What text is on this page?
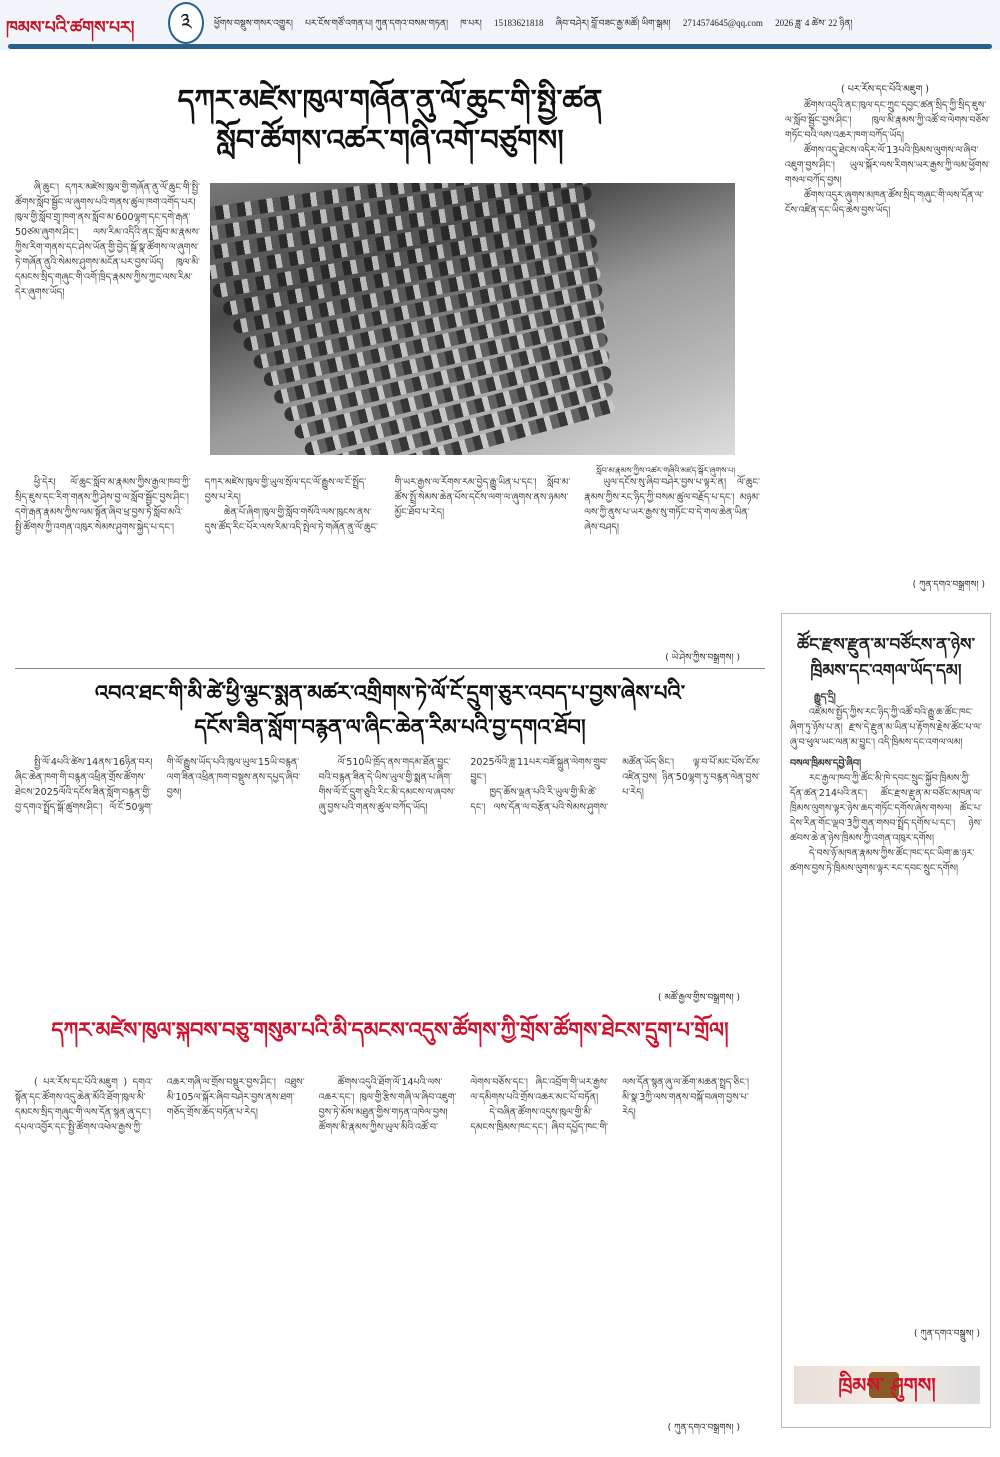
ཁམས་པའི་ཚགས་པར།	༣	ཕྱོགས་བསྡུས་གསར་འགྱུར། པར་ངོས་གཙོ་འགན་པ། ཀུན་དགའ་བསམ་གཏན། ཁ་པར། 15183621818 ཞིབ་བཤེར། བློ་བཟང་རྒྱ་མཚོ། ཡིག་སྒམ། 2714574645@qq.com 2026 ཟླ་ 4 ཚེས་ 22 ཉིན།
དཀར་མཛེས་ཁུལ་གཞོན་ནུ་ལོ་ཆུང་གི་སྤྱི་ཚན
སློབ་ཚོགས་འཚར་གཞི་འགོ་བཙུགས།

ཞི་ཆུང་། དཀར་མཛེས་ཁུལ་གྱི་གཞོན་ནུ་ལོ་ཆུང་གི་སྤྱི་ཚོགས་སློབ་སྦྱོང་ལ་ཞུགས་པའི་གནས་ཚུལ་ཁག་འགོད་པར། ཁུལ་གྱི་སློབ་གྲྭ་ཁག་ནས་སློབ་མ་600ལྷག་དང་དགེ་རྒན་50ཙམ་ཞུགས་ཤིང་། ལས་རིམ་འདིའི་ནང་སློབ་མ་རྣམས་ཀྱིས་རིག་གནས་དང་ཤེས་ཡོན་གྱི་བྱེད་སྒོ་སྣ་ཚོགས་ལ་ཞུགས་ཏེ་གཞོན་ནུའི་སེམས་ཤུགས་མངོན་པར་བྱས་ཡོད། ཁུལ་མི་དམངས་སྲིད་གཞུང་གི་འགོ་ཁྲིད་རྣམས་ཀྱིས་ཀྱང་ལས་རིམ་དེར་ཞུགས་ཡོད།

སློབ་མ་རྣམས་ཀྱིས་འཚར་གཞིའི་མཛད་སྒོར་ཞུགས་པ།

ཕྱི་དེར། ལོ་ཆུང་སློབ་མ་རྣམས་ཀྱིས་རྒྱལ་ཁབ་ཀྱི་སྲིད་ཇུས་དང་རིག་གནས་ཀྱི་ཤེས་བྱ་ལ་སློབ་སྦྱོང་བྱས་ཤིང་། དགེ་རྒན་རྣམས་ཀྱིས་ལམ་སྟོན་ཞིབ་ཕྲ་བྱས་ཏེ་སློབ་མའི་སྤྱི་ཚོགས་ཀྱི་འགན་འཁུར་སེམས་ཤུགས་སྐྱེད་པ་དང་། དཀར་མཛེས་ཁུལ་གྱི་ཡུལ་སྲོལ་དང་ལོ་རྒྱུས་ལ་ངོ་སྤྲོད་བྱས་པ་རེད།

ཆེན་པོ་ཞིག་ཁུལ་གྱི་སློབ་གསོའི་ལས་ཁུངས་ནས་དུས་ཚོད་རིང་པོར་ལས་རིམ་འདི་སྤེལ་ཏེ་གཞོན་ནུ་ལོ་ཆུང་གི་ཡར་རྒྱས་ལ་རོགས་རམ་བྱེད་རྒྱུ་ཡིན་པ་དང་། སློབ་མ་ཚོས་སྤྲོ་སེམས་ཆེན་པོས་དངོས་ལག་ལ་ཞུགས་ནས་ཉམས་མྱོང་ཐོབ་པ་རེད།

ཡུལ་དངོས་སུ་ཞིབ་བཤེར་བྱས་པ་ལྟར་ན། ལོ་ཆུང་རྣམས་ཀྱིས་རང་ཉིད་ཀྱི་བསམ་ཚུལ་བརྗོད་པ་དང་། མཉམ་ལས་ཀྱི་ནུས་པ་ཡར་རྒྱས་སུ་གཏོང་བ་དེ་གལ་ཆེན་ཡིན་ཞེས་བཤད།

( ཡེ་ཤེས་ཀྱིས་བསྒྲགས། )
འབའ་ཐང་གི་མི་ཚེ་ཕྱི་ལྕང་སྨན་མཚར་འགྲིགས་ཏེ་ལོ་ངོ་དྲུག་ཅུར་འབད་པ་བྱས་ཞེས་པའི་
དངོས་ཟིན་སློག་བརྙན་ལ་ཞིང་ཆེན་རིམ་པའི་བྱ་དགའ་ཐོབ།

སྤྱི་ལོ་4པའི་ཚེས་14ནས་16ཉིན་བར། ཞིང་ཆེན་ཁག་གི་བརྙན་འཕྲིན་གྲོས་ཚོགས་ཐེངས་2025ལོའི་དངོས་ཟིན་སློག་བརྙན་གྱི་བྱ་དགའ་སྤྲོད་སྒོ་ཚུགས་ཤིང་། ལོ་ངོ་50ལྷག་གི་ལོ་རྒྱུས་ཡོད་པའི་ཁུལ་ཡུལ་15ཡི་བརྙན་ལག་ཟིན་འཕྲིན་ཁག་བསྡུས་ནས་དཔྱད་ཞིབ་བྱས།

ལོ་510ཡི་ཁྲོད་ནས་གདམ་ཐོན་བྱུང་བའི་བརྙན་ཟིན་དེ་ཡིས་ཡུལ་གྱི་སྨན་པ་ཞིག་གིས་ལོ་ངོ་དྲུག་ཅུའི་རིང་མི་དམངས་ལ་ཞབས་ཞུ་བྱས་པའི་གནས་ཚུལ་བཀོད་ཡོད། 2025ལོའི་ཟླ་11པར་བཟོ་སྐྲུན་ལེགས་གྲུབ་བྱུང་།

ཁྱད་ཆོས་ལྡན་པའི་རི་ཡུལ་གྱི་མི་ཚེ་དང་། ལས་དོན་ལ་བརྩོན་པའི་སེམས་ཤུགས་མཚོན་ཡོད་ཅིང་། ལྟ་བ་པོ་མང་པོས་ངོས་འཛིན་བྱས། ཉིན་50ལྷག་ཏུ་བརྙན་ལེན་བྱས་པ་རེད།

( མཚོ་རྒྱལ་གྱིས་བསྒྲགས། )
དཀར་མཛེས་ཁུལ་སྐབས་བཅུ་གསུམ་པའི་མི་དམངས་འདུས་ཚོགས་ཀྱི་གྲོས་ཚོགས་ཐེངས་དྲུག་པ་གྲོལ།

( པར་ཪོས་དང་པོའི་མཇུག ) དགའ་སྟོན་དང་ཚོགས་འདུ་ཆེན་མོའི་ཐོག་ཁུལ་མི་དམངས་སྲིད་གཞུང་གི་ལས་དོན་སྙན་ཞུ་དང་། དཔལ་འབྱོར་དང་སྤྱི་ཚོགས་འཕེལ་རྒྱས་ཀྱི་འཆར་གཞི་ལ་གྲོས་བསྡུར་བྱས་ཤིང་། འཐུས་མི་105ལ་སྐོར་ཞིབ་བཤེར་བྱས་ནས་ཐག་གཅོད་གྲོས་ཆོད་བཏོན་པ་རེད།

ཚོགས་འདུའི་ཐོག་ལོ་14པའི་ལས་འཆར་དང་། ཁུལ་གྱི་རྩིས་གཞི་ལ་ཞིབ་འཇུག་བྱས་ཏེ་མོས་མཐུན་གྱིས་གཏན་འཁེལ་བྱས། ཚོགས་མི་རྣམས་ཀྱིས་ཡུལ་མིའི་འཚོ་བ་ལེགས་བཅོས་དང་། ཞིང་འབྲོག་གི་ཡར་རྒྱས་ལ་དམིགས་པའི་གྲོས་འཆར་མང་པོ་བཏོན།

དེ་བཞིན་ཚོགས་འདུས་ཁུལ་གྱི་མི་དམངས་ཁྲིམས་ཁང་དང་། ཞིབ་དཔྱོད་ཁང་གི་ལས་དོན་སྙན་ཞུ་ལ་ཆོག་མཆན་སྤྲད་ཅིང་། མི་སྣ་3ཀྱི་ལས་གནས་བསྐོ་བཞག་བྱས་པ་རེད།

( ཀུན་དགའ་བསྒྲགས། )
( པར་ཪོས་དང་པོའི་མཇུག )

ཚོགས་འདུའི་ནང་ཁུལ་དང་ཀྲུང་དབྱང་ཚན་སྲིད་ཀྱི་སྲིད་ཇུས་ལ་སློབ་སྦྱོང་བྱས་ཤིང་། ཁུལ་མི་རྣམས་ཀྱི་འཚོ་བ་ལེགས་བཅོས་གཏོང་བའི་ལས་འཆར་ཁག་བཀོད་ཡོད།

ཚོགས་འདུ་ཐེངས་འདིར་ལོ་13པའི་ཁྲིམས་ལུགས་ལ་ཞིབ་འཇུག་བྱས་ཤིང་། ཡུལ་སྐོར་ལས་རིགས་ཡར་རྒྱས་ཀྱི་ལམ་ཕྱོགས་གསལ་བཀོད་བྱས།

ཚོགས་འདུར་ཞུགས་མཁན་ཚོས་སྲིད་གཞུང་གི་ལས་དོན་ལ་ངོས་འཛིན་དང་ཡིད་ཆེས་བྱས་ཡོད།

( ཀུན་དགའ་བསྒྲགས། )
ཚོང་རྫས་རྫུན་མ་བཙོངས་ན་ཉེས་
ཁྲིམས་དང་འགལ་ཡོད་དམ།
རྒྱུད་དྲི།

འཛོམས་སྤྱོད་ཀྱིས་རང་ཉིད་ཀྱི་འཚོ་བའི་རྒྱུ་ཆ་ཚོང་ཁང་ཞིག་ཏུ་ཉོས་པ་ན། རྫས་དེ་རྫུན་མ་ཡིན་པ་རྟོགས་རྗེས་ཚོང་པ་ལ་ཞུ་བ་ཕུལ་ཡང་ལན་མ་བྱུང་། འདི་ཁྲིམས་དང་འགལ་ལམ།

བསལ་ཁྲིམས་དབྱེ་ཞིབ།

རང་རྒྱལ་ཁབ་ཀྱི་ཚོང་མི་ཁེ་དབང་སྲུང་སྐྱོབ་ཁྲིམས་ཀྱི་དོན་ཚན་214པའི་ནང་། ཚོང་རྫས་རྫུན་མ་བཙོང་མཁན་ལ་ཁྲིམས་ལུགས་ལྟར་ཉེས་ཆད་གཏོང་དགོས་ཞེས་གསལ། ཚོང་པ་དེས་རིན་གོང་ལྡབ་3ཀྱི་གུན་གསབ་སྤྲོད་དགོས་པ་དང་། ཉེས་ཚབས་ཆེ་ན་ཉེས་ཁྲིམས་ཀྱི་འགན་འཁུར་དགོས།

དེ་བས་ཉོ་མཁན་རྣམས་ཀྱིས་ཚོང་ཁང་དང་ཡིག་ཆ་ཉར་ཚགས་བྱས་ཏེ་ཁྲིམས་ལུགས་ལྟར་རང་དབང་སྲུང་དགོས།

( ཀུན་དགའ་བསྒྲུས། )
ཁྲིམས་ ཤུགས།
